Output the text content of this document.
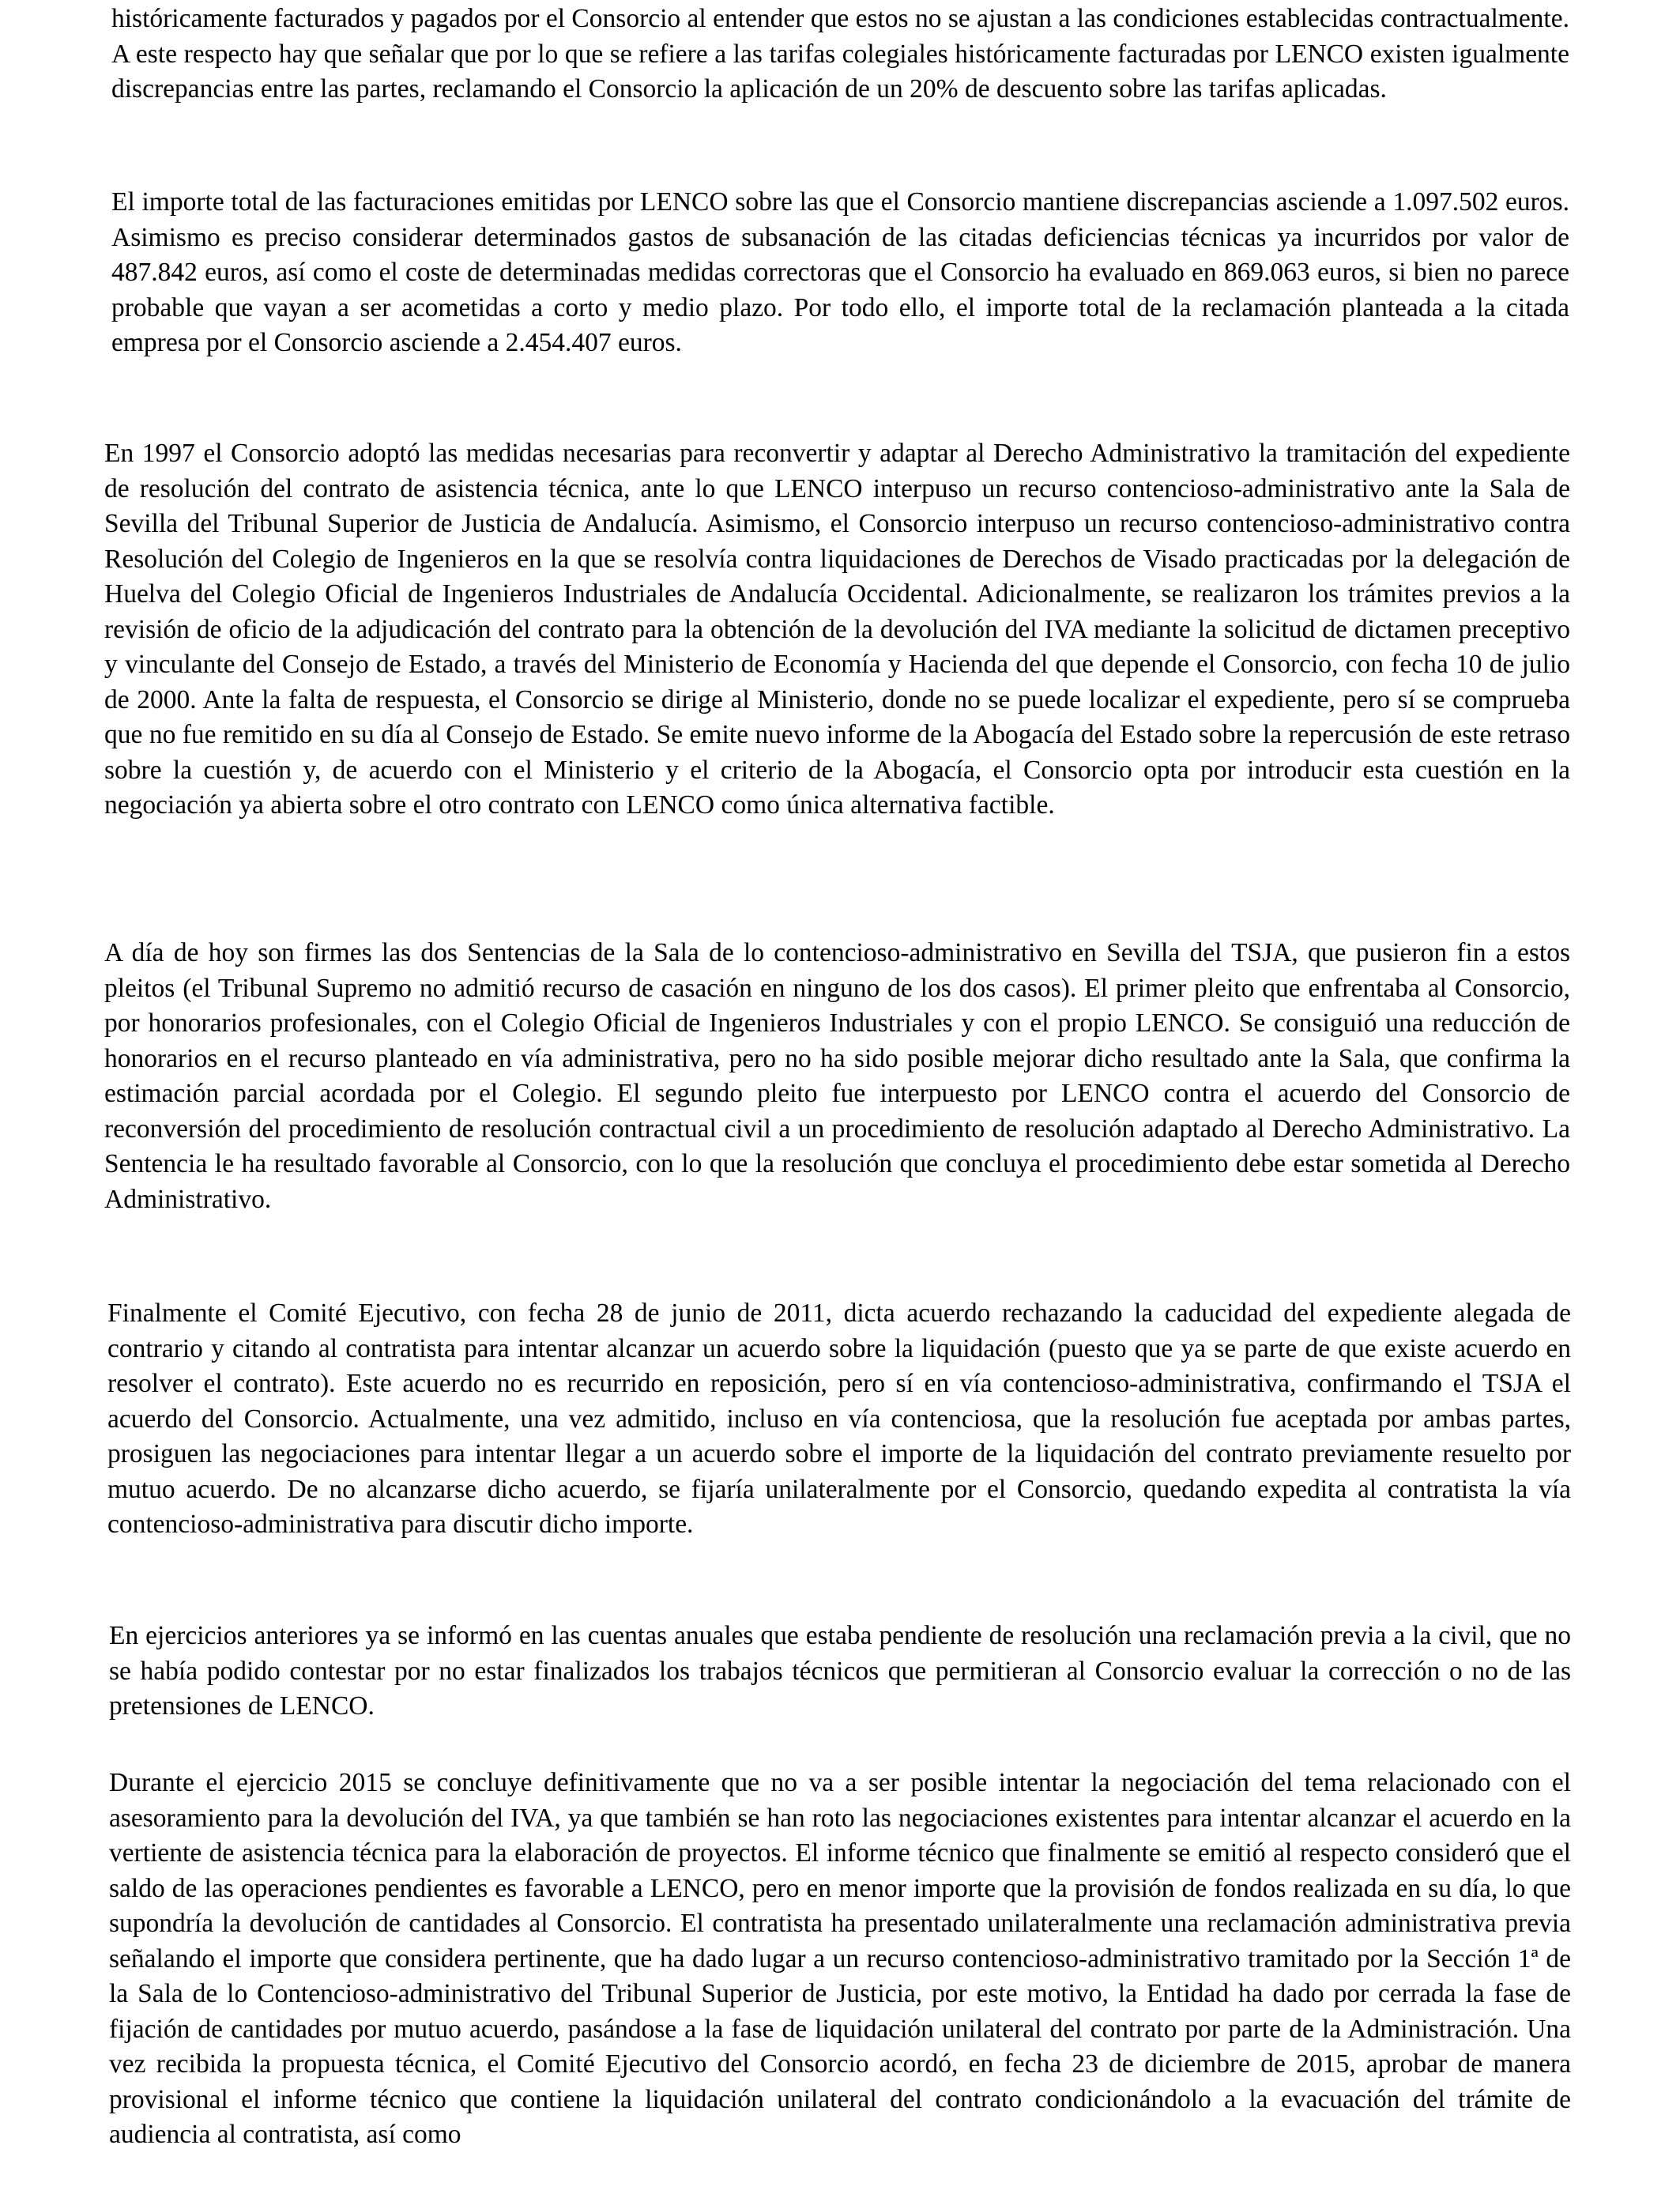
históricamente facturados y pagados por el Consorcio al entender que estos no se ajustan a las condiciones establecidas contractualmente. A este respecto hay que señalar que por lo que se refiere a las tarifas colegiales históricamente facturadas por LENCO existen igualmente discrepancias entre las partes, reclamando el Consorcio la aplicación de un 20% de descuento sobre las tarifas aplicadas.

El importe total de las facturaciones emitidas por LENCO sobre las que el Consorcio mantiene discrepancias asciende a 1.097.502 euros. Asimismo es preciso considerar determinados gastos de subsanación de las citadas deficiencias técnicas ya incurridos por valor de 487.842 euros, así como el coste de determinadas medidas correctoras que el Consorcio ha evaluado en 869.063 euros, si bien no parece probable que vayan a ser acometidas a corto y medio plazo. Por todo ello, el importe total de la reclamación planteada a la citada empresa por el Consorcio asciende a 2.454.407 euros.

En 1997 el Consorcio adoptó las medidas necesarias para reconvertir y adaptar al Derecho Administrativo la tramitación del expediente de resolución del contrato de asistencia técnica, ante lo que LENCO interpuso un recurso contencioso-administrativo ante la Sala de Sevilla del Tribunal Superior de Justicia de Andalucía. Asimismo, el Consorcio interpuso un recurso contencioso-administrativo contra Resolución del Colegio de Ingenieros en la que se resolvía contra liquidaciones de Derechos de Visado practicadas por la delegación de Huelva del Colegio Oficial de Ingenieros Industriales de Andalucía Occidental. Adicionalmente, se realizaron los trámites previos a la revisión de oficio de la adjudicación del contrato para la obtención de la devolución del IVA mediante la solicitud de dictamen preceptivo y vinculante del Consejo de Estado, a través del Ministerio de Economía y Hacienda del que depende el Consorcio, con fecha 10 de julio de 2000. Ante la falta de respuesta, el Consorcio se dirige al Ministerio, donde no se puede localizar el expediente, pero sí se comprueba que no fue remitido en su día al Consejo de Estado. Se emite nuevo informe de la Abogacía del Estado sobre la repercusión de este retraso sobre la cuestión y, de acuerdo con el Ministerio y el criterio de la Abogacía, el Consorcio opta por introducir esta cuestión en la negociación ya abierta sobre el otro contrato con LENCO como única alternativa factible.

A día de hoy son firmes las dos Sentencias de la Sala de lo contencioso-administrativo en Sevilla del TSJA, que pusieron fin a estos pleitos (el Tribunal Supremo no admitió recurso de casación en ninguno de los dos casos). El primer pleito que enfrentaba al Consorcio, por honorarios profesionales, con el Colegio Oficial de Ingenieros Industriales y con el propio LENCO. Se consiguió una reducción de honorarios en el recurso planteado en vía administrativa, pero no ha sido posible mejorar dicho resultado ante la Sala, que confirma la estimación parcial acordada por el Colegio. El segundo pleito fue interpuesto por LENCO contra el acuerdo del Consorcio de reconversión del procedimiento de resolución contractual civil a un procedimiento de resolución adaptado al Derecho Administrativo. La Sentencia le ha resultado favorable al Consorcio, con lo que la resolución que concluya el procedimiento debe estar sometida al Derecho Administrativo.

Finalmente el Comité Ejecutivo, con fecha 28 de junio de 2011, dicta acuerdo rechazando la caducidad del expediente alegada de contrario y citando al contratista para intentar alcanzar un acuerdo sobre la liquidación (puesto que ya se parte de que existe acuerdo en resolver el contrato). Este acuerdo no es recurrido en reposición, pero sí en vía contencioso-administrativa, confirmando el TSJA el acuerdo del Consorcio. Actualmente, una vez admitido, incluso en vía contenciosa, que la resolución fue aceptada por ambas partes, prosiguen las negociaciones para intentar llegar a un acuerdo sobre el importe de la liquidación del contrato previamente resuelto por mutuo acuerdo. De no alcanzarse dicho acuerdo, se fijaría unilateralmente por el Consorcio, quedando expedita al contratista la vía contencioso-administrativa para discutir dicho importe.

En ejercicios anteriores ya se informó en las cuentas anuales que estaba pendiente de resolución una reclamación previa a la civil, que no se había podido contestar por no estar finalizados los trabajos técnicos que permitieran al Consorcio evaluar la corrección o no de las pretensiones de LENCO.

Durante el ejercicio 2015 se concluye definitivamente que no va a ser posible intentar la negociación del tema relacionado con el asesoramiento para la devolución del IVA, ya que también se han roto las negociaciones existentes para intentar alcanzar el acuerdo en la vertiente de asistencia técnica para la elaboración de proyectos. El informe técnico que finalmente se emitió al respecto consideró que el saldo de las operaciones pendientes es favorable a LENCO, pero en menor importe que la provisión de fondos realizada en su día, lo que supondría la devolución de cantidades al Consorcio. El contratista ha presentado unilateralmente una reclamación administrativa previa señalando el importe que considera pertinente, que ha dado lugar a un recurso contencioso-administrativo tramitado por la Sección 1ª de la Sala de lo Contencioso-administrativo del Tribunal Superior de Justicia, por este motivo, la Entidad ha dado por cerrada la fase de fijación de cantidades por mutuo acuerdo, pasándose a la fase de liquidación unilateral del contrato por parte de la Administración. Una vez recibida la propuesta técnica, el Comité Ejecutivo del Consorcio acordó, en fecha 23 de diciembre de 2015, aprobar de manera provisional el informe técnico que contiene la liquidación unilateral del contrato condicionándolo a la evacuación del trámite de audiencia al contratista, así como
